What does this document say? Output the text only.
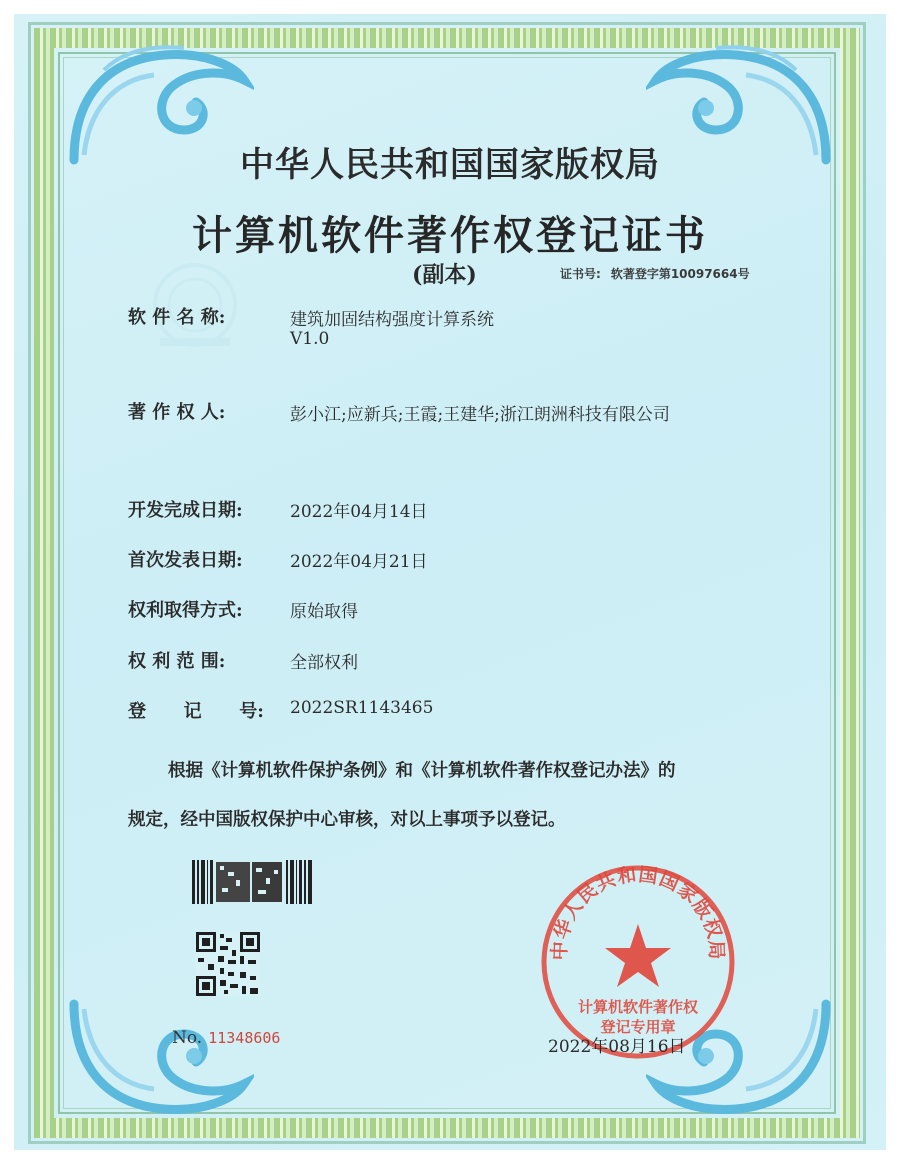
中华人民共和国国家版权局
计算机软件著作权登记证书
(副本)	证书号: 软著登字第10097664号
软 件 名 称:	建筑加固结构强度计算系统
V1.0
著 作 权 人:	彭小江;应新兵;王霞;王建华;浙江朗洲科技有限公司
开发完成日期:	2022年04月14日
首次发表日期:	2022年04月21日
权利取得方式:	原始取得
权 利 范 围:	全部权利
登      记      号: 2022SR1143465
根据《计算机软件保护条例》和《计算机软件著作权登记办法》的
规定，经中国版权保护中心审核，对以上事项予以登记。
No. 11348606
中华人民共和国国家版权局
计算机软件著作权
登记专用章
2022年08月16日
